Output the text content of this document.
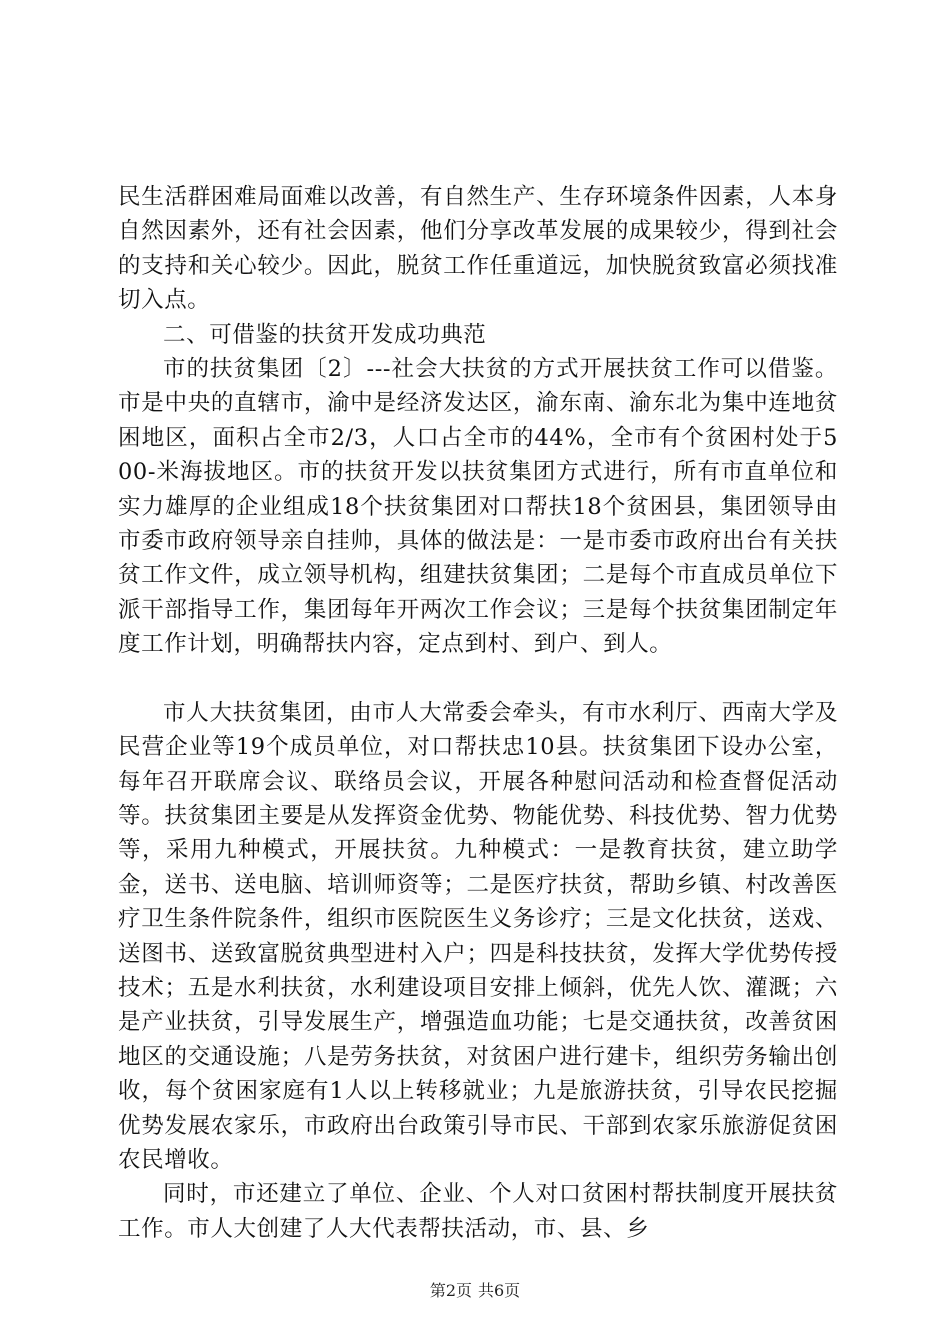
民生活群困难局面难以改善，有自然生产、生存环境条件因素，人本身自然因素外，还有社会因素，他们分享改革发展的成果较少，得到社会的支持和关心较少。因此，脱贫工作任重道远，加快脱贫致富必须找准切入点。

二、可借鉴的扶贫开发成功典范

市的扶贫集团〔2〕---社会大扶贫的方式开展扶贫工作可以借鉴。市是中央的直辖市，渝中是经济发达区，渝东南、渝东北为集中连地贫困地区，面积占全市2/3，人口占全市的44%，全市有个贫困村处于500-米海拔地区。市的扶贫开发以扶贫集团方式进行，所有市直单位和实力雄厚的企业组成18个扶贫集团对口帮扶18个贫困县，集团领导由市委市政府领导亲自挂帅，具体的做法是：一是市委市政府出台有关扶贫工作文件，成立领导机构，组建扶贫集团；二是每个市直成员单位下派干部指导工作，集团每年开两次工作会议；三是每个扶贫集团制定年度工作计划，明确帮扶内容，定点到村、到户、到人。

市人大扶贫集团，由市人大常委会牵头，有市水利厅、西南大学及民营企业等19个成员单位，对口帮扶忠10县。扶贫集团下设办公室，每年召开联席会议、联络员会议，开展各种慰问活动和检查督促活动等。扶贫集团主要是从发挥资金优势、物能优势、科技优势、智力优势等，采用九种模式，开展扶贫。九种模式：一是教育扶贫，建立助学金，送书、送电脑、培训师资等；二是医疗扶贫，帮助乡镇、村改善医疗卫生条件院条件，组织市医院医生义务诊疗；三是文化扶贫，送戏、送图书、送致富脱贫典型进村入户；四是科技扶贫，发挥大学优势传授技术；五是水利扶贫，水利建设项目安排上倾斜，优先人饮、灌溉；六是产业扶贫，引导发展生产，增强造血功能；七是交通扶贫，改善贫困地区的交通设施；八是劳务扶贫，对贫困户进行建卡，组织劳务输出创收，每个贫困家庭有1人以上转移就业；九是旅游扶贫，引导农民挖掘优势发展农家乐，市政府出台政策引导市民、干部到农家乐旅游促贫困农民增收。

同时，市还建立了单位、企业、个人对口贫困村帮扶制度开展扶贫工作。市人大创建了人大代表帮扶活动，市、县、乡

第2页 共6页
